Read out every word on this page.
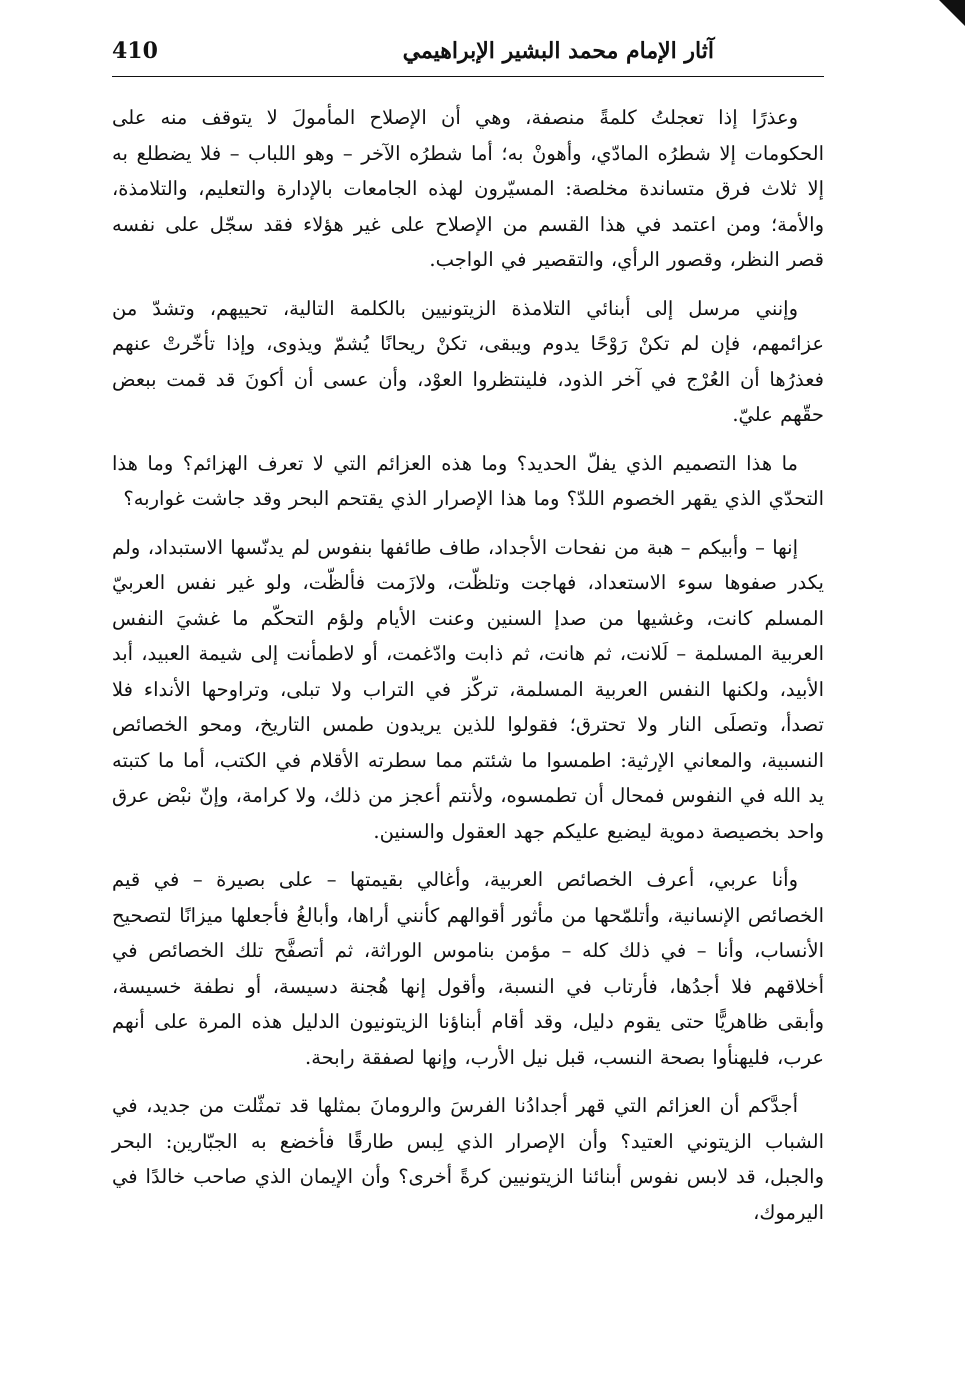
410	آثار الإمام محمد البشير الإبراهيمي

وعذرًا إذا تعجلتُ كلمةً منصفة، وهي أن الإصلاح المأمولَ لا يتوقف منه على الحكومات إلا شطرُه المادّي، وأهونْ به؛ أما شطرُه الآخر – وهو اللباب – فلا يضطلع به إلا ثلاث فرق متساندة مخلصة: المسيّرون لهذه الجامعات بالإدارة والتعليم، والتلامذة، والأمة؛ ومن اعتمد في هذا القسم من الإصلاح على غير هؤلاء فقد سجّل على نفسه قصر النظر، وقصور الرأي، والتقصير في الواجب.

وإنني مرسل إلى أبنائي التلامذة الزيتونيين بالكلمة التالية، تحييهم، وتشدّ من عزائمهم، فإن لم تكنْ رَوْحًا يدوم ويبقى، تكنْ ريحانًا يُشمّ ويذوى، وإذا تأخّرتْ عنهم فعذرُها أن العُرْج في آخر الذود، فلينتظروا العوْد، وأن عسى أن أكونَ قد قمت ببعض حقّهم عليّ.

ما هذا التصميم الذي يفلّ الحديد؟ وما هذه العزائم التي لا تعرف الهزائم؟ وما هذا التحدّي الذي يقهر الخصوم اللدّ؟ وما هذا الإصرار الذي يقتحم البحر وقد جاشت غواربه؟

إنها – وأبيكم – هبة من نفحات الأجداد، طاف طائفها بنفوس لم يدنّسها الاستبداد، ولم يكدر صفوها سوء الاستعداد، فهاجت وتلظّت، ولازَمت فألظّت، ولو غير نفس العربيّ المسلم كانت، وغشيها من صدإ السنين وعنت الأيام ولؤم التحكّم ما غشيَ النفس العربية المسلمة – لَلانت، ثم هانت، ثم ذابت وادّغمت، أو لاطمأنت إلى شيمة العبيد، أبد الأبيد، ولكنها النفس العربية المسلمة، تركّز في التراب ولا تبلى، وتراوحها الأنداء فلا تصدأ، وتصلَى النار ولا تحترق؛ فقولوا للذين يريدون طمس التاريخ، ومحو الخصائص النسبية، والمعاني الإرثية: اطمسوا ما شئتم مما سطرته الأقلام في الكتب، أما ما كتبته يد الله في النفوس فمحال أن تطمسوه، ولأنتم أعجز من ذلك، ولا كرامة، وإنّ نبْض عرق واحد بخصيصة دموية ليضيع عليكم جهد العقول والسنين.

وأنا عربي، أعرف الخصائص العربية، وأغالي بقيمتها – على بصيرة – في قيم الخصائص الإنسانية، وأتلمّحها من مأثور أقوالهم كأنني أراها، وأبالغُ فأجعلها ميزانًا لتصحيح الأنساب، وأنا – في ذلك كله – مؤمن بناموس الوراثة، ثم أتصفَّح تلك الخصائص في أخلاقهم فلا أجدُها، فأرتاب في النسبة، وأقول إنها هُجنة دسيسة، أو نطفة خسيسة، وأبقى ظاهريًّا حتى يقوم دليل، وقد أقام أبناؤنا الزيتونيون الدليل هذه المرة على أنهم عرب، فليهنأوا بصحة النسب، قبل نيل الأرب، وإنها لصفقة رابحة.

أجدَّكم أن العزائم التي قهر أجدادُنا الفرسَ والرومانَ بمثلها قد تمثّلت من جديد، في الشباب الزيتوني العتيد؟ وأن الإصرار الذي لِبس طارقًا فأخضع به الجبّارين: البحر والجبل، قد لابس نفوس أبنائنا الزيتونيين كرةً أخرى؟ وأن الإيمان الذي صاحب خالدًا في اليرموك،
